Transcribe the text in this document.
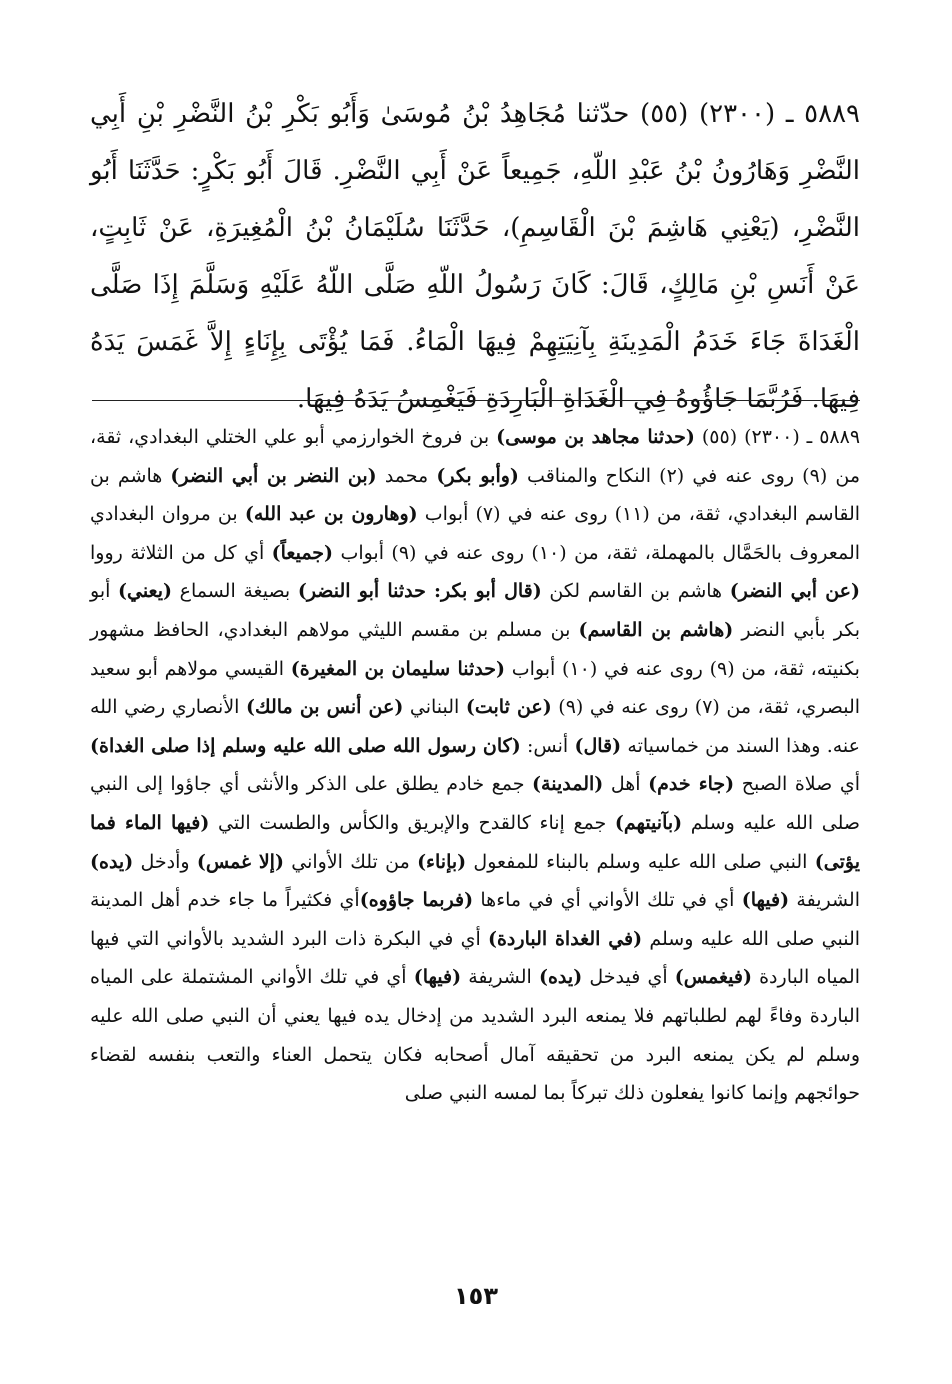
٥٨٨٩ ـ (٢٣٠٠) (٥٥) حدّثنا مُجَاهِدُ بْنُ مُوسَىٰ وَأَبُو بَكْرِ بْنُ النَّضْرِ بْنِ أَبِي النَّضْرِ وَهَارُونُ بْنُ عَبْدِ اللّهِ، جَمِيعاً عَنْ أَبِي النَّضْرِ. قَالَ أَبُو بَكْرٍ: حَدَّثَنَا أَبُو النَّضْرِ، (يَعْنِي هَاشِمَ بْنَ الْقَاسِمِ)، حَدَّثَنَا سُلَيْمَانُ بْنُ الْمُغِيرَةِ، عَنْ ثَابِتٍ، عَنْ أَنَسِ بْنِ مَالِكٍ، قَالَ: كَانَ رَسُولُ اللّهِ صَلَّى اللّهُ عَلَيْهِ وَسَلَّمَ إِذَا صَلَّى الْغَدَاةَ جَاءَ خَدَمُ الْمَدِينَةِ بِآنِيَتِهِمْ فِيهَا الْمَاءُ. فَمَا يُؤْتَى بِإِنَاءٍ إِلاَّ غَمَسَ يَدَهُ فِيهَا. فَرُبَّمَا جَاؤُوهُ فِي الْغَدَاةِ الْبَارِدَةِ فَيَغْمِسُ يَدَهُ فِيهَا.

٥٨٨٩ ـ (٢٣٠٠) (٥٥) (حدثنا مجاهد بن موسى) بن فروخ الخوارزمي أبو علي الختلي البغدادي، ثقة، من (٩) روى عنه في (٢) النكاح والمناقب (وأبو بكر) محمد (بن النضر بن أبي النضر) هاشم بن القاسم البغدادي، ثقة، من (١١) روى عنه في (٧) أبواب (وهارون بن عبد الله) بن مروان البغدادي المعروف بالحَمَّال بالمهملة، ثقة، من (١٠) روى عنه في (٩) أبواب (جميعاً) أي كل من الثلاثة رووا (عن أبي النضر) هاشم بن القاسم لكن (قال أبو بكر: حدثنا أبو النضر) بصيغة السماع (يعني) أبو بكر بأبي النضر (هاشم بن القاسم) بن مسلم بن مقسم الليثي مولاهم البغدادي، الحافظ مشهور بكنيته، ثقة، من (٩) روى عنه في (١٠) أبواب (حدثنا سليمان بن المغيرة) القيسي مولاهم أبو سعيد البصري، ثقة، من (٧) روى عنه في (٩) (عن ثابت) البناني (عن أنس بن مالك) الأنصاري رضي الله عنه. وهذا السند من خماسياته (قال) أنس: (كان رسول الله صلى الله عليه وسلم إذا صلى الغداة) أي صلاة الصبح (جاء خدم) أهل (المدينة) جمع خادم يطلق على الذكر والأنثى أي جاؤوا إلى النبي صلى الله عليه وسلم (بآنيتهم) جمع إناء كالقدح والإبريق والكأس والطست التي (فيها الماء فما يؤتى) النبي صلى الله عليه وسلم بالبناء للمفعول (بإناء) من تلك الأواني (إلا غمس) وأدخل (يده) الشريفة (فيها) أي في تلك الأواني أي في ماءها (فربما جاؤوه)أي فكثيراً ما جاء خدم أهل المدينة النبي صلى الله عليه وسلم (في الغداة الباردة) أي في البكرة ذات البرد الشديد بالأواني التي فيها المياه الباردة (فيغمس) أي فيدخل (يده) الشريفة (فيها) أي في تلك الأواني المشتملة على المياه الباردة وفاءً لهم لطلباتهم فلا يمنعه البرد الشديد من إدخال يده فيها يعني أن النبي صلى الله عليه وسلم لم يكن يمنعه البرد من تحقيقه آمال أصحابه فكان يتحمل العناء والتعب بنفسه لقضاء حوائجهم وإنما كانوا يفعلون ذلك تبركاً بما لمسه النبي صلى

١٥٣
